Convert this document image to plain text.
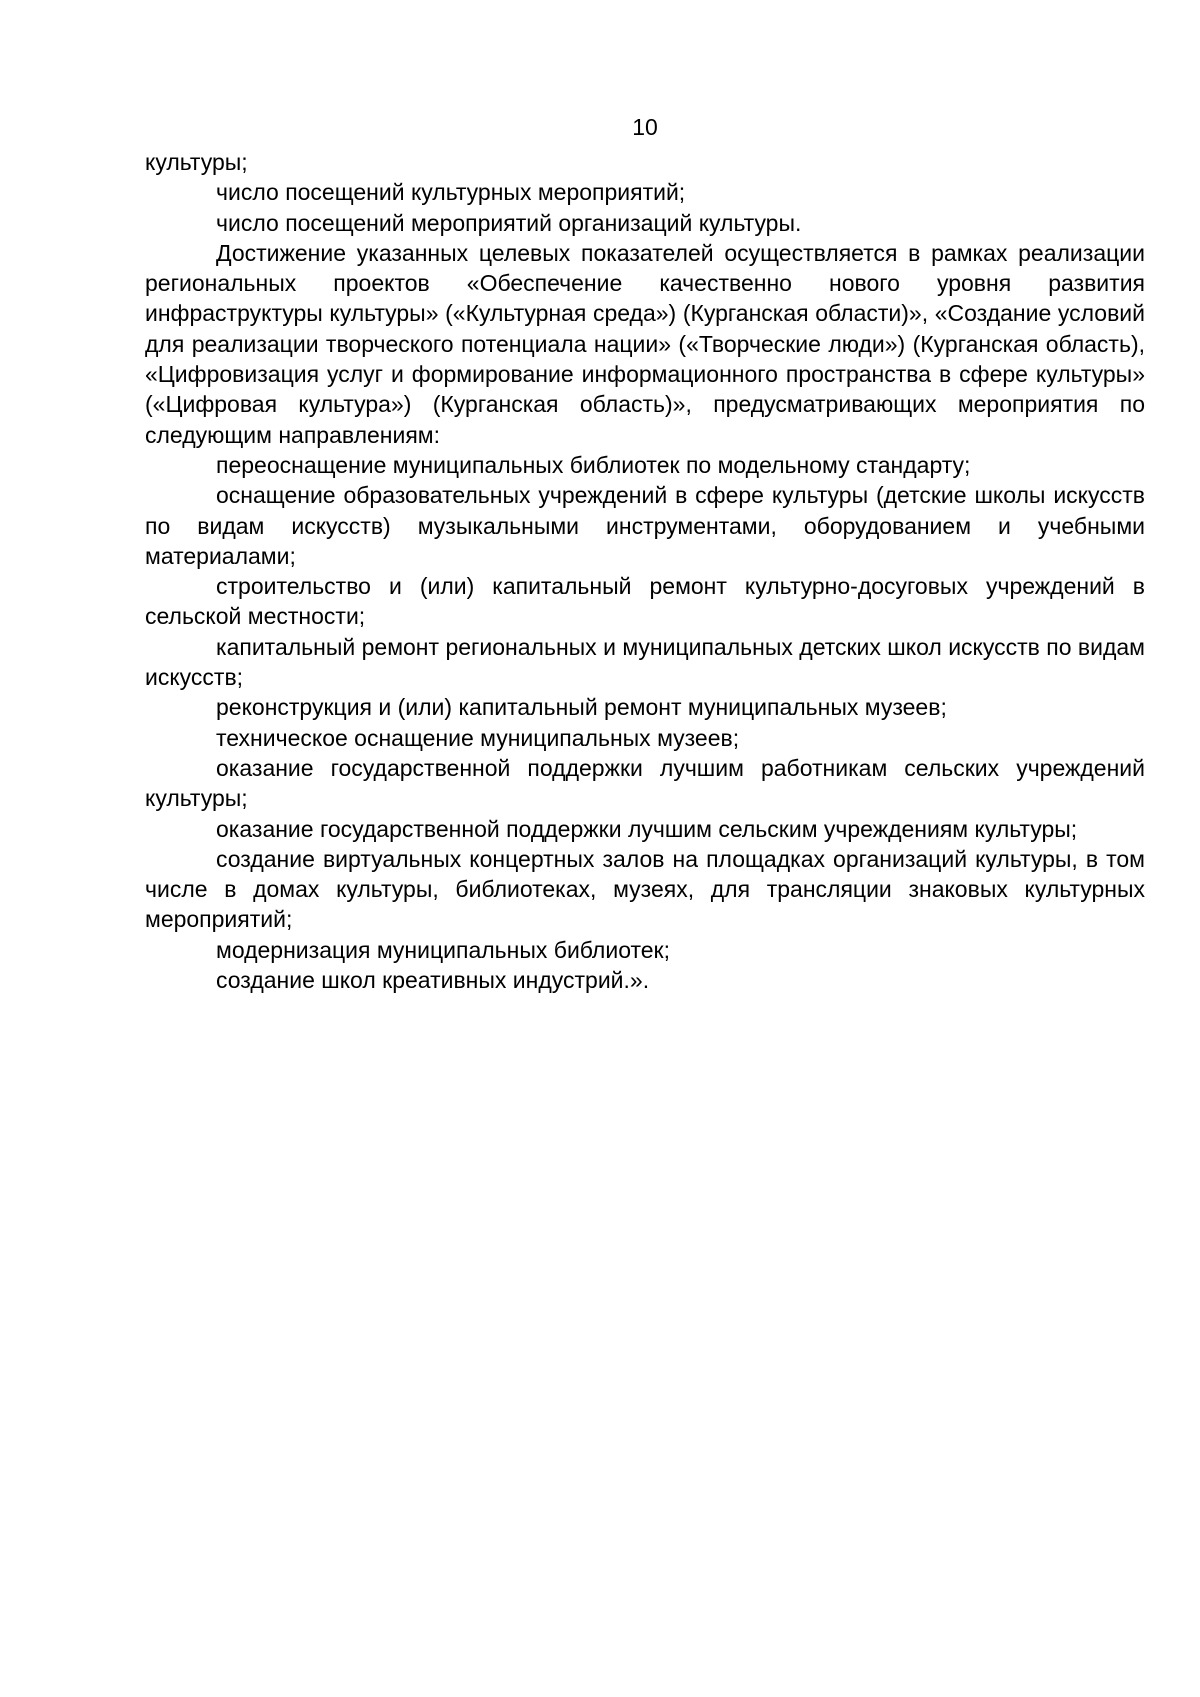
10

культуры;

число посещений культурных мероприятий;

число посещений мероприятий организаций культуры.

Достижение указанных целевых показателей осуществляется в рамках реализации региональных проектов «Обеспечение качественно нового уровня развития инфраструктуры культуры» («Культурная среда») (Курганская области)», «Создание условий для реализации творческого потенциала нации» («Творческие люди») (Курганская область), «Цифровизация услуг и формирование информационного пространства в сфере культуры» («Цифровая культура») (Курганская область)», предусматривающих мероприятия по следующим направлениям:

переоснащение муниципальных библиотек по модельному стандарту;

оснащение образовательных учреждений в сфере культуры (детские школы искусств по видам искусств) музыкальными инструментами, оборудованием и учебными материалами;

строительство и (или) капитальный ремонт культурно-досуговых учреждений в сельской местности;

капитальный ремонт региональных и муниципальных детских школ искусств по видам искусств;

реконструкция и (или) капитальный ремонт муниципальных музеев;

техническое оснащение муниципальных музеев;

оказание государственной поддержки лучшим работникам сельских учреждений культуры;

оказание государственной поддержки лучшим сельским учреждениям культуры;

создание виртуальных концертных залов на площадках организаций культуры, в том числе в домах культуры, библиотеках, музеях, для трансляции знаковых культурных мероприятий;

модернизация муниципальных библиотек;

создание школ креативных индустрий.».
